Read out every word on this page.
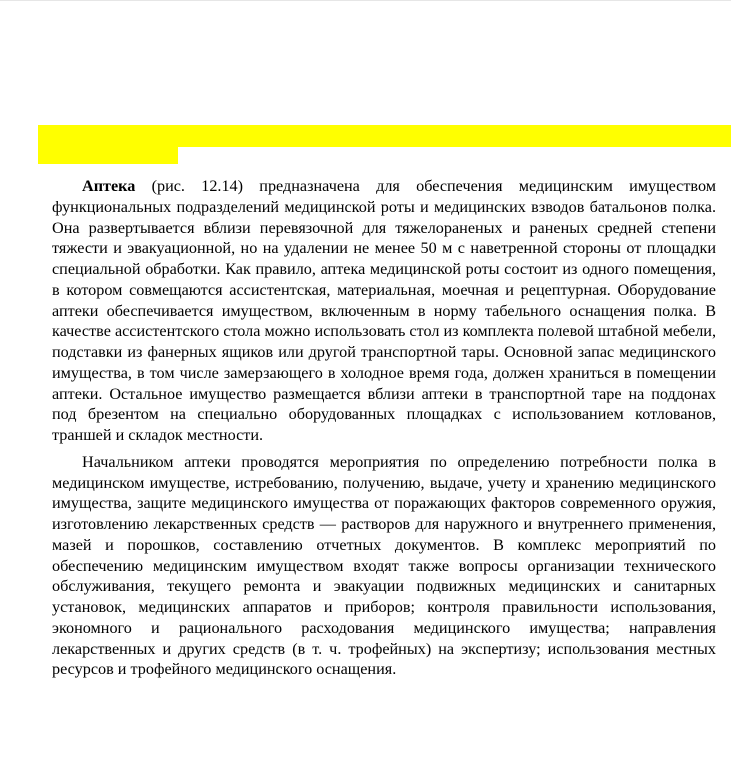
Аптека (рис. 12.14) предназначена для обеспечения медицинским имуществом функциональных подразделений медицинской роты и медицинских взводов батальонов полка. Она развертывается вблизи перевязочной для тяжелораненых и раненых средней степени тяжести и эвакуационной, но на удалении не менее 50 м с наветренной стороны от площадки специальной обработки. Как правило, аптека медицинской роты состоит из одного помещения, в котором совмещаются ассистентская, материальная, моечная и рецептурная. Оборудование аптеки обеспечивается имуществом, включенным в норму табельного оснащения полка. В качестве ассистентского стола можно использовать стол из комплекта полевой штабной мебели, подставки из фанерных ящиков или другой транспортной тары. Основной запас медицинского имущества, в том числе замерзающего в холодное время года, должен храниться в помещении аптеки. Остальное имущество размещается вблизи аптеки в транспортной таре на поддонах под брезентом на специально оборудованных площадках с использованием котлованов, траншей и складок местности.

Начальником аптеки проводятся мероприятия по определению потребности полка в медицинском имуществе, истребованию, получению, выдаче, учету и хранению медицинского имущества, защите медицинского имущества от поражающих факторов современного оружия, изготовлению лекарственных средств — растворов для наружного и внутреннего применения, мазей и порошков, составлению отчетных документов. В комплекс мероприятий по обеспечению медицинским имуществом входят также вопросы организации технического обслуживания, текущего ремонта и эвакуации подвижных медицинских и санитарных установок, медицинских аппаратов и приборов; контроля правильности использования, экономного и рационального расходования медицинского имущества; направления лекарственных и других средств (в т. ч. трофейных) на экспертизу; использования местных ресурсов и трофейного медицинского оснащения.
